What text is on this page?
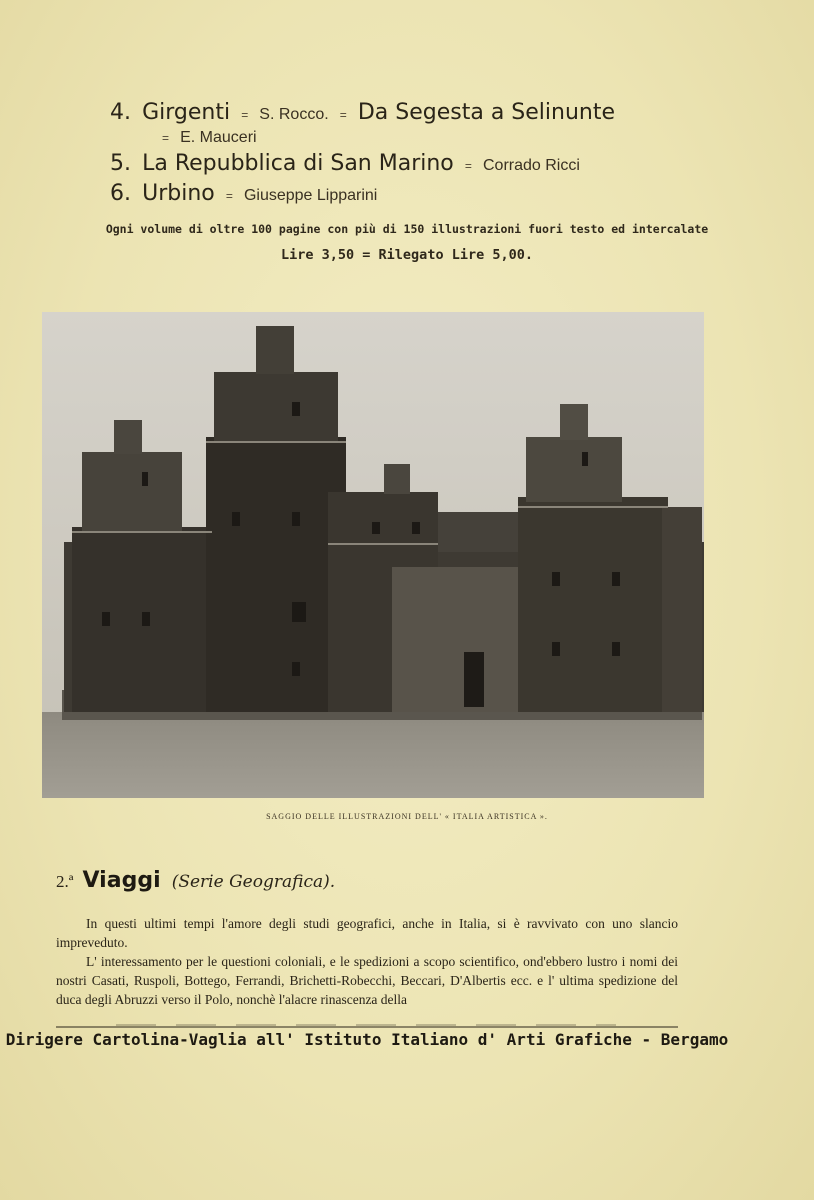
4. Girgenti = S. Rocco. = Da Segesta a Selinunte
= E. Mauceri
5. La Repubblica di San Marino = Corrado Ricci
6. Urbino = Giuseppe Lipparini
Ogni volume di oltre 100 pagine con più di 150 illustrazioni fuori testo ed intercalate
Lire 3,50 = Rilegato Lire 5,00.
SAGGIO DELLE ILLUSTRAZIONI DELL' « ITALIA ARTISTICA ».
2.ª Viaggi (Serie Geografica).

In questi ultimi tempi l'amore degli studi geografici, anche in Italia, si è ravvivato con uno slancio impreveduto.

L' interessamento per le questioni coloniali, e le spedizioni a scopo scientifico, ond'ebbero lustro i nomi dei nostri Casati, Ruspoli, Bottego, Ferrandi, Brichetti-Robecchi, Beccari, D'Albertis ecc. e l' ultima spedizione del duca degli Abruzzi verso il Polo, nonchè l'alacre rinascenza della

Dirigere Cartolina-Vaglia all' Istituto Italiano d' Arti Grafiche - Bergamo
